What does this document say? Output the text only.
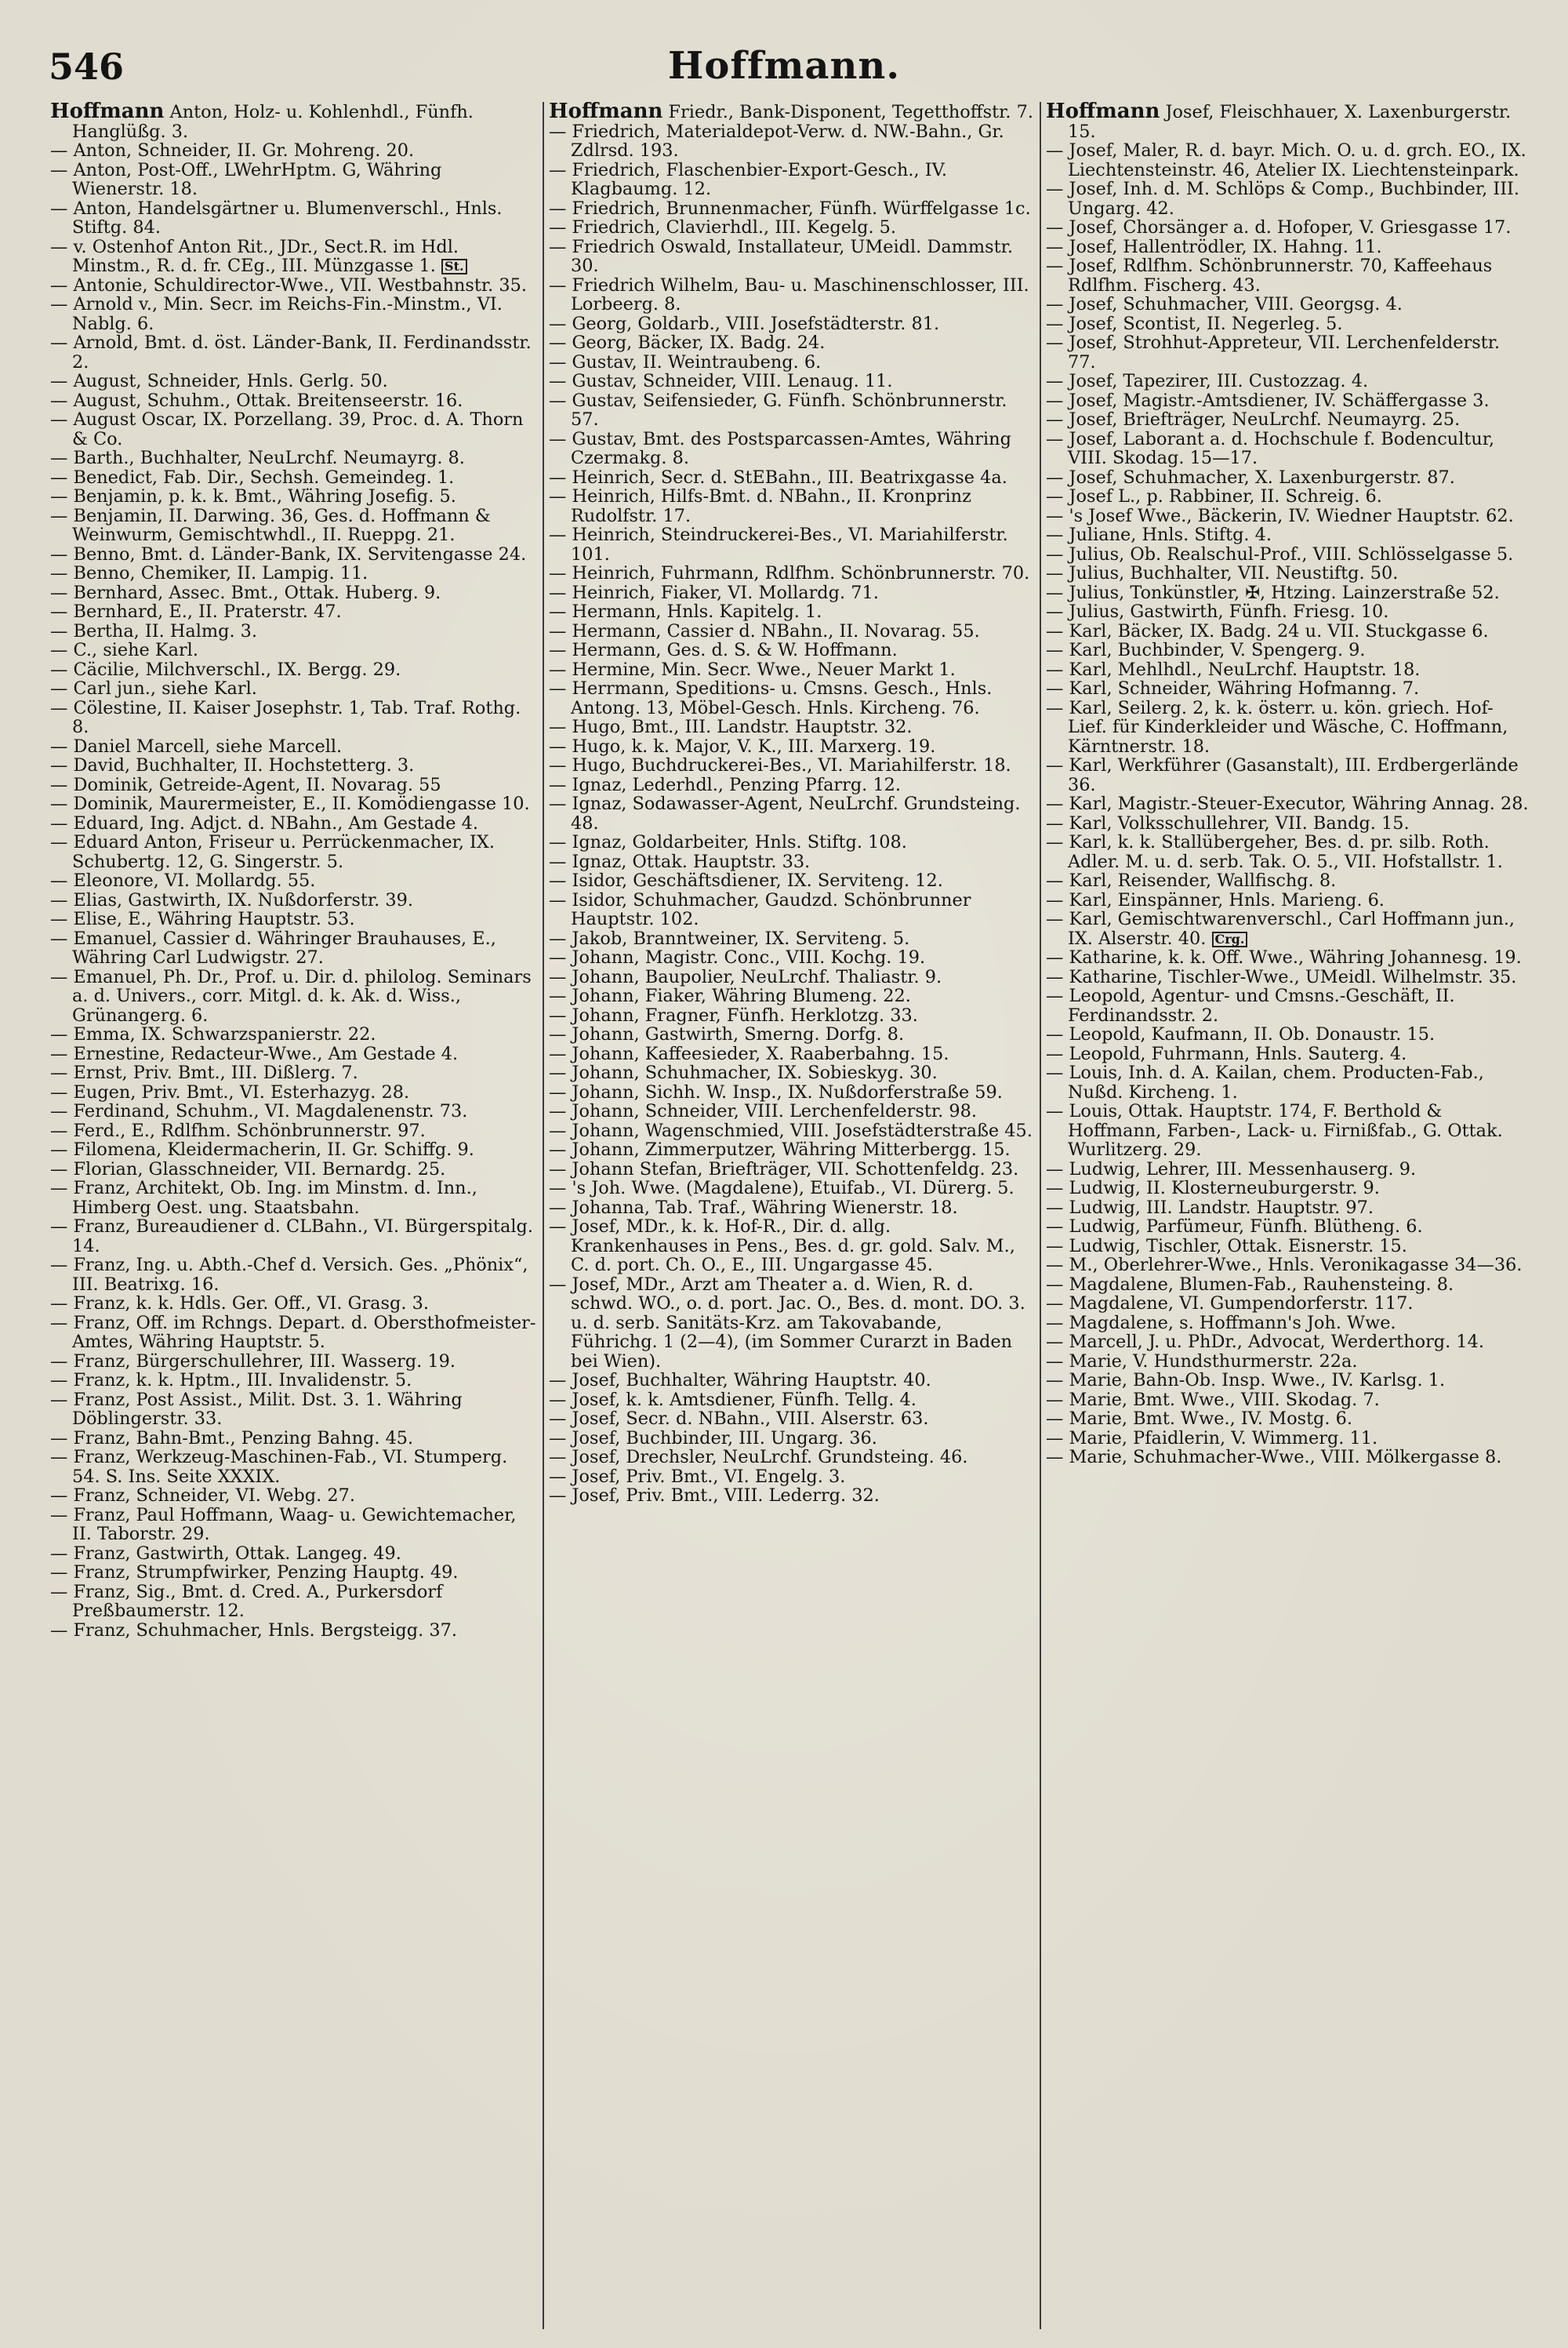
546	Hoffmann.

Hoffmann Anton, Holz- u. Kohlenhdl., Fünfh. Hanglüßg. 3.

— Anton, Schneider, II. Gr. Mohreng. 20.

— Anton, Post-Off., LWehrHptm. G, Währing Wienerstr. 18.

— Anton, Handelsgärtner u. Blumenverschl., Hnls. Stiftg. 84.

— v. Ostenhof Anton Rit., JDr., Sect.R. im Hdl. Minstm., R. d. fr. CEg., III. Münzgasse 1. St.

— Antonie, Schuldirector-Wwe., VII. Westbahnstr. 35.

— Arnold v., Min. Secr. im Reichs-Fin.-Minstm., VI. Nablg. 6.

— Arnold, Bmt. d. öst. Länder-Bank, II. Ferdinandsstr. 2.

— August, Schneider, Hnls. Gerlg. 50.

— August, Schuhm., Ottak. Breitenseerstr. 16.

— August Oscar, IX. Porzellang. 39, Proc. d. A. Thorn & Co.

— Barth., Buchhalter, NeuLrchf. Neumayrg. 8.

— Benedict, Fab. Dir., Sechsh. Gemeindeg. 1.

— Benjamin, p. k. k. Bmt., Währing Josefig. 5.

— Benjamin, II. Darwing. 36, Ges. d. Hoffmann & Weinwurm, Gemischtwhdl., II. Rueppg. 21.

— Benno, Bmt. d. Länder-Bank, IX. Servitengasse 24.

— Benno, Chemiker, II. Lampig. 11.

— Bernhard, Assec. Bmt., Ottak. Huberg. 9.

— Bernhard, E., II. Praterstr. 47.

— Bertha, II. Halmg. 3.

— C., siehe Karl.

— Cäcilie, Milchverschl., IX. Bergg. 29.

— Carl jun., siehe Karl.

— Cölestine, II. Kaiser Josephstr. 1, Tab. Traf. Rothg. 8.

— Daniel Marcell, siehe Marcell.

— David, Buchhalter, II. Hochstetterg. 3.

— Dominik, Getreide-Agent, II. Novarag. 55

— Dominik, Maurermeister, E., II. Komödiengasse 10.

— Eduard, Ing. Adjct. d. NBahn., Am Gestade 4.

— Eduard Anton, Friseur u. Perrückenmacher, IX. Schubertg. 12, G. Singerstr. 5.

— Eleonore, VI. Mollardg. 55.

— Elias, Gastwirth, IX. Nußdorferstr. 39.

— Elise, E., Währing Hauptstr. 53.

— Emanuel, Cassier d. Währinger Brauhauses, E., Währing Carl Ludwigstr. 27.

— Emanuel, Ph. Dr., Prof. u. Dir. d. philolog. Seminars a. d. Univers., corr. Mitgl. d. k. Ak. d. Wiss., Grünangerg. 6.

— Emma, IX. Schwarzspanierstr. 22.

— Ernestine, Redacteur-Wwe., Am Gestade 4.

— Ernst, Priv. Bmt., III. Dißlerg. 7.

— Eugen, Priv. Bmt., VI. Esterhazyg. 28.

— Ferdinand, Schuhm., VI. Magdalenenstr. 73.

— Ferd., E., Rdlfhm. Schönbrunnerstr. 97.

— Filomena, Kleidermacherin, II. Gr. Schiffg. 9.

— Florian, Glasschneider, VII. Bernardg. 25.

— Franz, Architekt, Ob. Ing. im Minstm. d. Inn., Himberg Oest. ung. Staatsbahn.

— Franz, Bureaudiener d. CLBahn., VI. Bürgerspitalg. 14.

— Franz, Ing. u. Abth.-Chef d. Versich. Ges. „Phönix“, III. Beatrixg. 16.

— Franz, k. k. Hdls. Ger. Off., VI. Grasg. 3.

— Franz, Off. im Rchngs. Depart. d. Obersthofmeister-Amtes, Währing Hauptstr. 5.

— Franz, Bürgerschullehrer, III. Wasserg. 19.

— Franz, k. k. Hptm., III. Invalidenstr. 5.

— Franz, Post Assist., Milit. Dst. 3. 1. Währing Döblingerstr. 33.

— Franz, Bahn-Bmt., Penzing Bahng. 45.

— Franz, Werkzeug-Maschinen-Fab., VI. Stumperg. 54. S. Ins. Seite XXXIX.

— Franz, Schneider, VI. Webg. 27.

— Franz, Paul Hoffmann, Waag- u. Gewichtemacher, II. Taborstr. 29.

— Franz, Gastwirth, Ottak. Langeg. 49.

— Franz, Strumpfwirker, Penzing Hauptg. 49.

— Franz, Sig., Bmt. d. Cred. A., Purkersdorf Preßbaumerstr. 12.

— Franz, Schuhmacher, Hnls. Bergsteigg. 37.

Hoffmann Friedr., Bank-Disponent, Tegetthoffstr. 7.

— Friedrich, Materialdepot-Verw. d. NW.-Bahn., Gr. Zdlrsd. 193.

— Friedrich, Flaschenbier-Export-Gesch., IV. Klagbaumg. 12.

— Friedrich, Brunnenmacher, Fünfh. Würffelgasse 1c.

— Friedrich, Clavierhdl., III. Kegelg. 5.

— Friedrich Oswald, Installateur, UMeidl. Dammstr. 30.

— Friedrich Wilhelm, Bau- u. Maschinenschlosser, III. Lorbeerg. 8.

— Georg, Goldarb., VIII. Josefstädterstr. 81.

— Georg, Bäcker, IX. Badg. 24.

— Gustav, II. Weintraubeng. 6.

— Gustav, Schneider, VIII. Lenaug. 11.

— Gustav, Seifensieder, G. Fünfh. Schönbrunnerstr. 57.

— Gustav, Bmt. des Postsparcassen-Amtes, Währing Czermakg. 8.

— Heinrich, Secr. d. StEBahn., III. Beatrixgasse 4a.

— Heinrich, Hilfs-Bmt. d. NBahn., II. Kronprinz Rudolfstr. 17.

— Heinrich, Steindruckerei-Bes., VI. Mariahilferstr. 101.

— Heinrich, Fuhrmann, Rdlfhm. Schönbrunnerstr. 70.

— Heinrich, Fiaker, VI. Mollardg. 71.

— Hermann, Hnls. Kapitelg. 1.

— Hermann, Cassier d. NBahn., II. Novarag. 55.

— Hermann, Ges. d. S. & W. Hoffmann.

— Hermine, Min. Secr. Wwe., Neuer Markt 1.

— Herrmann, Speditions- u. Cmsns. Gesch., Hnls. Antong. 13, Möbel-Gesch. Hnls. Kircheng. 76.

— Hugo, Bmt., III. Landstr. Hauptstr. 32.

— Hugo, k. k. Major, V. K., III. Marxerg. 19.

— Hugo, Buchdruckerei-Bes., VI. Mariahilferstr. 18.

— Ignaz, Lederhdl., Penzing Pfarrg. 12.

— Ignaz, Sodawasser-Agent, NeuLrchf. Grundsteing. 48.

— Ignaz, Goldarbeiter, Hnls. Stiftg. 108.

— Ignaz, Ottak. Hauptstr. 33.

— Isidor, Geschäftsdiener, IX. Serviteng. 12.

— Isidor, Schuhmacher, Gaudzd. Schönbrunner Hauptstr. 102.

— Jakob, Branntweiner, IX. Serviteng. 5.

— Johann, Magistr. Conc., VIII. Kochg. 19.

— Johann, Baupolier, NeuLrchf. Thaliastr. 9.

— Johann, Fiaker, Währing Blumeng. 22.

— Johann, Fragner, Fünfh. Herklotzg. 33.

— Johann, Gastwirth, Smerng. Dorfg. 8.

— Johann, Kaffeesieder, X. Raaberbahng. 15.

— Johann, Schuhmacher, IX. Sobieskyg. 30.

— Johann, Sichh. W. Insp., IX. Nußdorferstraße 59.

— Johann, Schneider, VIII. Lerchenfelderstr. 98.

— Johann, Wagenschmied, VIII. Josefstädterstraße 45.

— Johann, Zimmerputzer, Währing Mitterbergg. 15.

— Johann Stefan, Briefträger, VII. Schottenfeldg. 23.

— 's Joh. Wwe. (Magdalene), Etuifab., VI. Dürerg. 5.

— Johanna, Tab. Traf., Währing Wienerstr. 18.

— Josef, MDr., k. k. Hof-R., Dir. d. allg. Krankenhauses in Pens., Bes. d. gr. gold. Salv. M., C. d. port. Ch. O., E., III. Ungargasse 45.

— Josef, MDr., Arzt am Theater a. d. Wien, R. d. schwd. WO., o. d. port. Jac. O., Bes. d. mont. DO. 3. u. d. serb. Sanitäts-Krz. am Takovabande, Führichg. 1 (2—4), (im Sommer Curarzt in Baden bei Wien).

— Josef, Buchhalter, Währing Hauptstr. 40.

— Josef, k. k. Amtsdiener, Fünfh. Tellg. 4.

— Josef, Secr. d. NBahn., VIII. Alserstr. 63.

— Josef, Buchbinder, III. Ungarg. 36.

— Josef, Drechsler, NeuLrchf. Grundsteing. 46.

— Josef, Priv. Bmt., VI. Engelg. 3.

— Josef, Priv. Bmt., VIII. Lederrg. 32.

Hoffmann Josef, Fleischhauer, X. Laxenburgerstr. 15.

— Josef, Maler, R. d. bayr. Mich. O. u. d. grch. EO., IX. Liechtensteinstr. 46, Atelier IX. Liechtensteinpark.

— Josef, Inh. d. M. Schlöps & Comp., Buchbinder, III. Ungarg. 42.

— Josef, Chorsänger a. d. Hofoper, V. Griesgasse 17.

— Josef, Hallentrödler, IX. Hahng. 11.

— Josef, Rdlfhm. Schönbrunnerstr. 70, Kaffeehaus Rdlfhm. Fischerg. 43.

— Josef, Schuhmacher, VIII. Georgsg. 4.

— Josef, Scontist, II. Negerleg. 5.

— Josef, Strohhut-Appreteur, VII. Lerchenfelderstr. 77.

— Josef, Tapezirer, III. Custozzag. 4.

— Josef, Magistr.-Amtsdiener, IV. Schäffergasse 3.

— Josef, Briefträger, NeuLrchf. Neumayrg. 25.

— Josef, Laborant a. d. Hochschule f. Bodencultur, VIII. Skodag. 15—17.

— Josef, Schuhmacher, X. Laxenburgerstr. 87.

— Josef L., p. Rabbiner, II. Schreig. 6.

— 's Josef Wwe., Bäckerin, IV. Wiedner Hauptstr. 62.

— Juliane, Hnls. Stiftg. 4.

— Julius, Ob. Realschul-Prof., VIII. Schlösselgasse 5.

— Julius, Buchhalter, VII. Neustiftg. 50.

— Julius, Tonkünstler, ✠, Htzing. Lainzerstraße 52.

— Julius, Gastwirth, Fünfh. Friesg. 10.

— Karl, Bäcker, IX. Badg. 24 u. VII. Stuckgasse 6.

— Karl, Buchbinder, V. Spengerg. 9.

— Karl, Mehlhdl., NeuLrchf. Hauptstr. 18.

— Karl, Schneider, Währing Hofmanng. 7.

— Karl, Seilerg. 2, k. k. österr. u. kön. griech. Hof-Lief. für Kinderkleider und Wäsche, C. Hoffmann, Kärntnerstr. 18.

— Karl, Werkführer (Gasanstalt), III. Erdbergerlände 36.

— Karl, Magistr.-Steuer-Executor, Währing Annag. 28.

— Karl, Volksschullehrer, VII. Bandg. 15.

— Karl, k. k. Stallübergeher, Bes. d. pr. silb. Roth. Adler. M. u. d. serb. Tak. O. 5., VII. Hofstallstr. 1.

— Karl, Reisender, Wallfischg. 8.

— Karl, Einspänner, Hnls. Marieng. 6.

— Karl, Gemischtwarenverschl., Carl Hoffmann jun., IX. Alserstr. 40. Crg.

— Katharine, k. k. Off. Wwe., Währing Johannesg. 19.

— Katharine, Tischler-Wwe., UMeidl. Wilhelmstr. 35.

— Leopold, Agentur- und Cmsns.-Geschäft, II. Ferdinandsstr. 2.

— Leopold, Kaufmann, II. Ob. Donaustr. 15.

— Leopold, Fuhrmann, Hnls. Sauterg. 4.

— Louis, Inh. d. A. Kailan, chem. Producten-Fab., Nußd. Kircheng. 1.

— Louis, Ottak. Hauptstr. 174, F. Berthold & Hoffmann, Farben-, Lack- u. Firnißfab., G. Ottak. Wurlitzerg. 29.

— Ludwig, Lehrer, III. Messenhauserg. 9.

— Ludwig, II. Klosterneuburgerstr. 9.

— Ludwig, III. Landstr. Hauptstr. 97.

— Ludwig, Parfümeur, Fünfh. Blütheng. 6.

— Ludwig, Tischler, Ottak. Eisnerstr. 15.

— M., Oberlehrer-Wwe., Hnls. Veronikagasse 34—36.

— Magdalene, Blumen-Fab., Rauhensteing. 8.

— Magdalene, VI. Gumpendorferstr. 117.

— Magdalene, s. Hoffmann's Joh. Wwe.

— Marcell, J. u. PhDr., Advocat, Werderthorg. 14.

— Marie, V. Hundsthurmerstr. 22a.

— Marie, Bahn-Ob. Insp. Wwe., IV. Karlsg. 1.

— Marie, Bmt. Wwe., VIII. Skodag. 7.

— Marie, Bmt. Wwe., IV. Mostg. 6.

— Marie, Pfaidlerin, V. Wimmerg. 11.

— Marie, Schuhmacher-Wwe., VIII. Mölkergasse 8.
